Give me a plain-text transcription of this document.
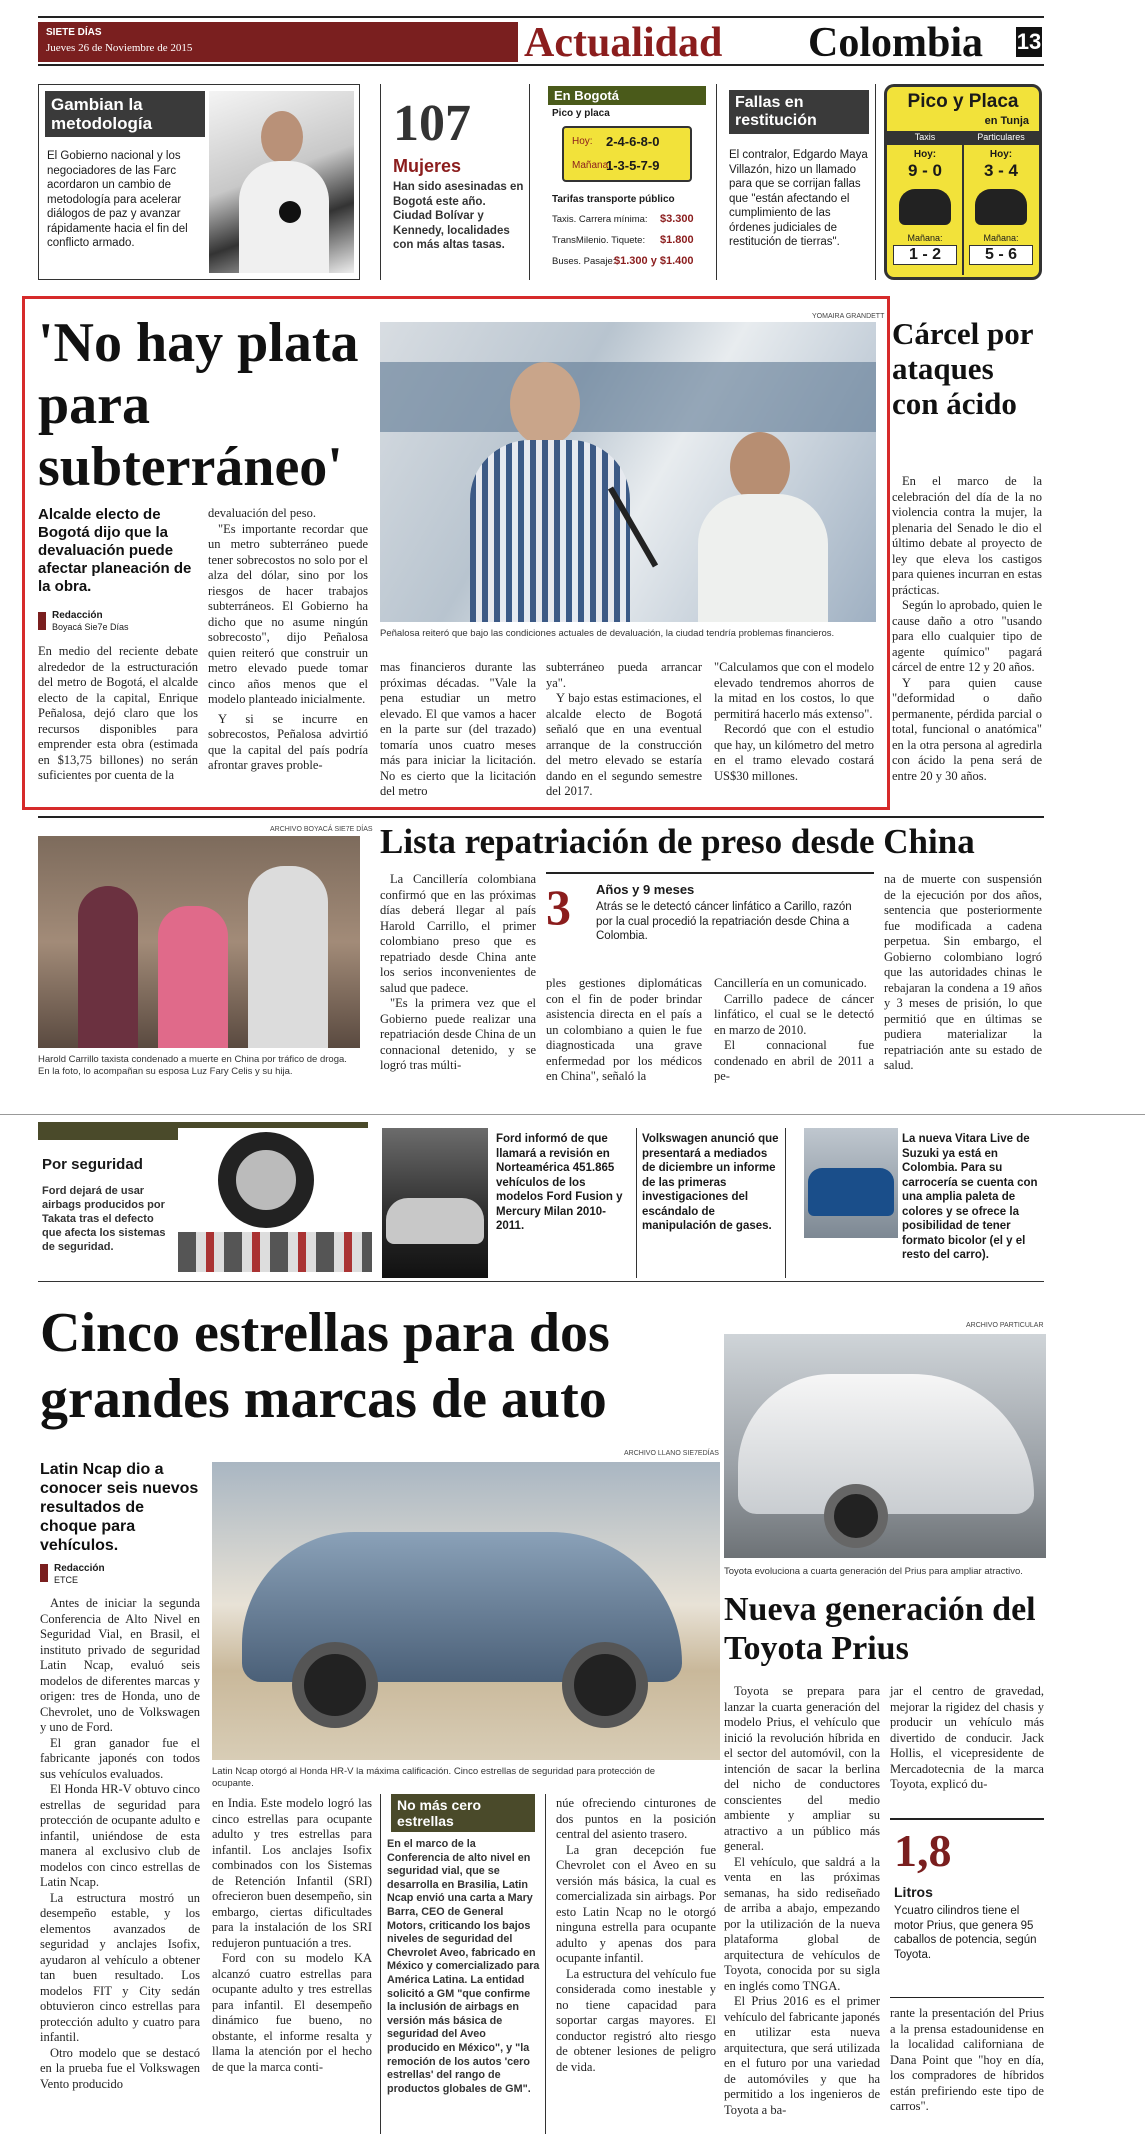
SIETE DÍAS
Jueves 26 de Noviembre de 2015	Actualidad Colombia 13
Gambian la metodología
El Gobierno nacional y los negociadores de las Farc acordaron un cambio de metodología para acelerar diálogos de paz y avanzar rápidamente hacia el fin del conflicto armado.
107
Mujeres
Han sido asesinadas en Bogotá este año. Ciudad Bolívar y Kennedy, localidades con más altas tasas.
En Bogotá
Pico y placa
Hoy: 2-4-6-8-0
Mañana:
1-3-5-7-9
Tarifas transporte público
Taxis. Carrera mínima: $3.300
TransMilenio. Tiquete: $1.800
Buses. Pasaje:
$1.300 y $1.400
Fallas en restitución
El contralor, Edgardo Maya Villazón, hizo un llamado para que se corrijan fallas que "están afectando el cumplimiento de las órdenes judiciales de restitución de tierras".
Pico y Placa
en Tunja
Taxis	Particulares
Hoy:
9 - 0
Hoy:
3 - 4
Mañana:
1 - 2
Mañana:
5 - 6
'No hay plata para subterráneo'
YOMAIRA GRANDETT
Peñalosa reiteró que bajo las condiciones actuales de devaluación, la ciudad tendría problemas financieros.
Alcalde electo de Bogotá dijo que la devaluación puede afectar planeación de la obra.
Redacción
Boyacá Sie7e Días
En medio del reciente debate alrededor de la estructuración del metro de Bogotá, el alcalde electo de la capital, Enrique Peñalosa, dejó claro que los recursos disponibles para emprender esta obra (estimada en $13,75 billones) no serán suficientes por cuenta de la

devaluación del peso.

"Es importante recordar que un metro subterráneo puede tener sobrecostos no solo por el alza del dólar, sino por los riesgos de hacer trabajos subterráneos. El Gobierno ha dicho que no asume ningún sobrecosto", dijo Peñalosa quien reiteró que construir un metro elevado puede tomar cinco años menos que el modelo planteado inicialmente.

Y si se incurre en sobrecostos, Peñalosa advirtió que la capital del país podría afrontar graves proble-

mas financieros durante las próximas décadas. "Vale la pena estudiar un metro elevado. El que vamos a hacer en la parte sur (del trazado) tomaría unos cuatro meses más para iniciar la licitación. No es cierto que la licitación del metro

subterráneo pueda arrancar ya".

Y bajo estas estimaciones, el alcalde electo de Bogotá señaló que en una eventual arranque de la construcción del metro elevado se estaría dando en el segundo semestre del 2017.

"Calculamos que con el modelo elevado tendremos ahorros de la mitad en los costos, lo que permitirá hacerlo más extenso".

Recordó que con el estudio que hay, un kilómetro del metro en el tramo elevado costará US$30 millones.

Cárcel por ataques con ácido

En el marco de la celebración del día de la no violencia contra la mujer, la plenaria del Senado le dio el último debate al proyecto de ley que eleva los castigos para quienes incurran en estas prácticas.

Según lo aprobado, quien le cause daño a otro "usando para ello cualquier tipo de agente químico" pagará cárcel de entre 12 y 20 años.

Y para quien cause "deformidad o daño permanente, pérdida parcial o total, funcional o anatómica" en la otra persona al agredirla con ácido la pena será de entre 20 y 30 años.

ARCHIVO BOYACÁ SIE7E DÍAS
Harold Carrillo taxista condenado a muerte en China por tráfico de droga. En la foto, lo acompañan su esposa Luz Fary Celis y su hija.
Lista repatriación de preso desde China

La Cancillería colombiana confirmó que en las próximas días deberá llegar al país Harold Carrillo, el primer colombiano preso que es repatriado desde China ante los serios inconvenientes de salud que padece.

"Es la primera vez que el Gobierno puede realizar una repatriación desde China de un connacional detenido, y se logró tras múlti-

3 Años y 9 meses
Atrás se le detectó cáncer linfático a Carillo, razón por la cual procedió la repatriación desde China a Colombia.
ples gestiones diplomáticas con el fin de poder brindar asistencia directa en el país a un colombiano a quien le fue diagnosticada una grave enfermedad por los médicos en China", señaló la

Cancillería en un comunicado.

Carrillo padece de cáncer linfático, el cual se le detectó en marzo de 2010.

El connacional fue condenado en abril de 2011 a pe-

na de muerte con suspensión de la ejecución por dos años, sentencia que posteriormente fue modificada a cadena perpetua. Sin embargo, el Gobierno colombiano logró que las autoridades chinas le rebajaran la condena a 19 años y 3 meses de prisión, lo que permitió que en últimas se pudiera materializar la repatriación ante su estado de salud.
Por seguridad
Ford dejará de usar airbags producidos por Takata tras el defecto que afecta los sistemas de seguridad.
Ford informó de que llamará a revisión en Norteamérica 451.865 vehículos de los modelos Ford Fusion y Mercury Milan 2010-2011.
Volkswagen anunció que presentará a mediados de diciembre un informe de las primeras investigaciones del escándalo de manipulación de gases.
La nueva Vitara Live de Suzuki ya está en Colombia. Para su carrocería se cuenta con una amplia paleta de colores y se ofrece la posibilidad de tener formato bicolor (el y el resto del carro).
Cinco estrellas para dos grandes marcas de auto
ARCHIVO LLANO SIE7EDÍAS
Latin Ncap dio a conocer seis nuevos resultados de choque para vehículos.
Redacción
ETCE
Latin Ncap otorgó al Honda HR-V la máxima calificación. Cinco estrellas de seguridad para protección de ocupante.

Antes de iniciar la segunda Conferencia de Alto Nivel en Seguridad Vial, en Brasil, el instituto privado de seguridad Latin Ncap, evaluó seis modelos de diferentes marcas y origen: tres de Honda, uno de Chevrolet, uno de Volkswagen y uno de Ford.

El gran ganador fue el fabricante japonés con todos sus vehículos evaluados.

El Honda HR-V obtuvo cinco estrellas de seguridad para protección de ocupante adulto e infantil, uniéndose de esta manera al exclusivo club de modelos con cinco estrellas de Latin Ncap.

La estructura mostró un desempeño estable, y los elementos avanzados de seguridad y anclajes Isofix, ayudaron al vehículo a obtener tan buen resultado. Los modelos FIT y City sedán obtuvieron cinco estrellas para protección adulto y cuatro para infantil.

Otro modelo que se destacó en la prueba fue el Volkswagen Vento producido

en India. Este modelo logró las cinco estrellas para ocupante adulto y tres estrellas para infantil. Los anclajes Isofix combinados con los Sistemas de Retención Infantil (SRI) ofrecieron buen desempeño, sin embargo, ciertas dificultades para la instalación de los SRI redujeron puntuación a tres.

Ford con su modelo KA alcanzó cuatro estrellas para ocupante adulto y tres estrellas para infantil. El desempeño dinámico fue bueno, no obstante, el informe resalta y llama la atención por el hecho de que la marca conti-

No más cero estrellas
En el marco de la Conferencia de alto nivel en seguridad vial, que se desarrolla en Brasilia, Latin Ncap envió una carta a Mary Barra, CEO de General Motors, criticando los bajos niveles de seguridad del Chevrolet Aveo, fabricado en México y comercializado para América Latina. La entidad solicitó a GM "que confirme la inclusión de airbags en versión más básica de seguridad del Aveo producido en México", y "la remoción de los autos 'cero estrellas' del rango de productos globales de GM".

núe ofreciendo cinturones de dos puntos en la posición central del asiento trasero.

La gran decepción fue Chevrolet con el Aveo en su versión más básica, la cual es comercializada sin airbags. Por esto Latin Ncap no le otorgó ninguna estrella para ocupante adulto y apenas dos para ocupante infantil.

La estructura del vehículo fue considerada como inestable y no tiene capacidad para soportar cargas mayores. El conductor registró alto riesgo de obtener lesiones de peligro de vida.

ARCHIVO PARTICULAR
Toyota evoluciona a cuarta generación del Prius para ampliar atractivo.
Nueva generación del Toyota Prius

Toyota se prepara para lanzar la cuarta generación del modelo Prius, el vehículo que inició la revolución híbrida en el sector del automóvil, con la intención de sacar la berlina del nicho de conductores conscientes del medio ambiente y ampliar su atractivo a un público más general.

El vehículo, que saldrá a la venta en las próximas semanas, ha sido rediseñado de arriba a abajo, empezando por la utilización de la nueva plataforma global de arquitectura de vehículos de Toyota, conocida por su sigla en inglés como TNGA.

El Prius 2016 es el primer vehículo del fabricante japonés en utilizar esta nueva arquitectura, que será utilizada en el futuro por una variedad de automóviles y que ha permitido a los ingenieros de Toyota a ba-

jar el centro de gravedad, mejorar la rigidez del chasis y producir un vehículo más divertido de conducir. Jack Hollis, el vicepresidente de Mercadotecnia de la marca Toyota, explicó du-
1,8
Litros
Ycuatro cilindros tiene el motor Prius, que genera 95 caballos de potencia, según Toyota.
rante la presentación del Prius a la prensa estadounidense en la localidad californiana de Dana Point que "hoy en día, los compradores de híbridos están prefiriendo este tipo de carros".
